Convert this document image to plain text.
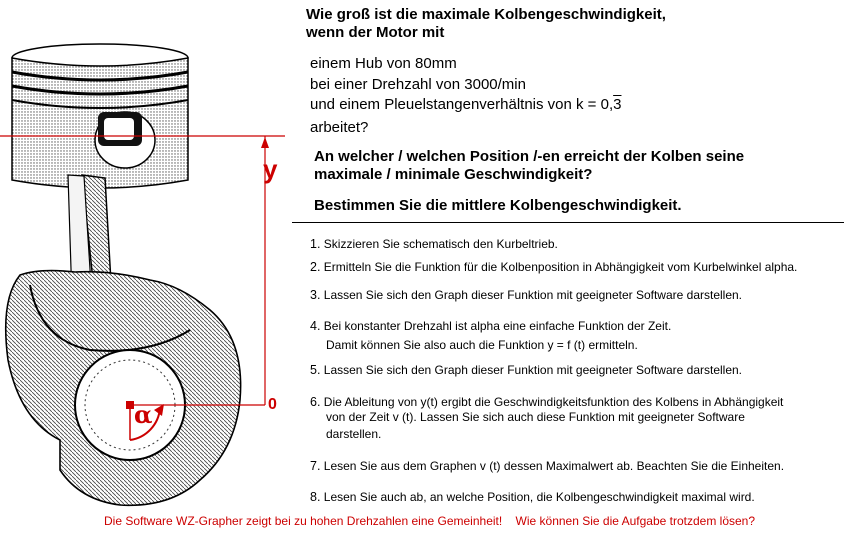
y
0
α
Wie groß ist die maximale Kolbengeschwindigkeit,
wenn der Motor mit
einem Hub von 80mm
bei einer Drehzahl von 3000/min
und einem Pleuelstangenverhältnis von k = 0,3
arbeitet?
An welcher / welchen Position /-en erreicht der Kolben seine
maximale / minimale Geschwindigkeit?
Bestimmen Sie die mittlere Kolbengeschwindigkeit.
1. Skizzieren Sie schematisch den Kurbeltrieb.
2. Ermitteln Sie die Funktion für die Kolbenposition in Abhängigkeit vom Kurbelwinkel alpha.
3. Lassen Sie sich den Graph dieser Funktion mit geeigneter Software darstellen.
4. Bei konstanter Drehzahl ist alpha eine einfache Funktion der Zeit.
Damit können Sie also auch die Funktion y = f (t) ermitteln.
5. Lassen Sie sich den Graph dieser Funktion mit geeigneter Software darstellen.
6. Die Ableitung von y(t) ergibt die Geschwindigkeitsfunktion des Kolbens in Abhängigkeit
von der Zeit v (t). Lassen Sie sich auch diese Funktion mit geeigneter Software
darstellen.
7. Lesen Sie aus dem Graphen v (t) dessen Maximalwert ab. Beachten Sie die Einheiten.
8. Lesen Sie auch ab, an welche Position, die Kolbengeschwindigkeit maximal wird.
Die Software WZ-Grapher zeigt bei zu hohen Drehzahlen eine Gemeinheit!    Wie können Sie die Aufgabe trotzdem lösen?
